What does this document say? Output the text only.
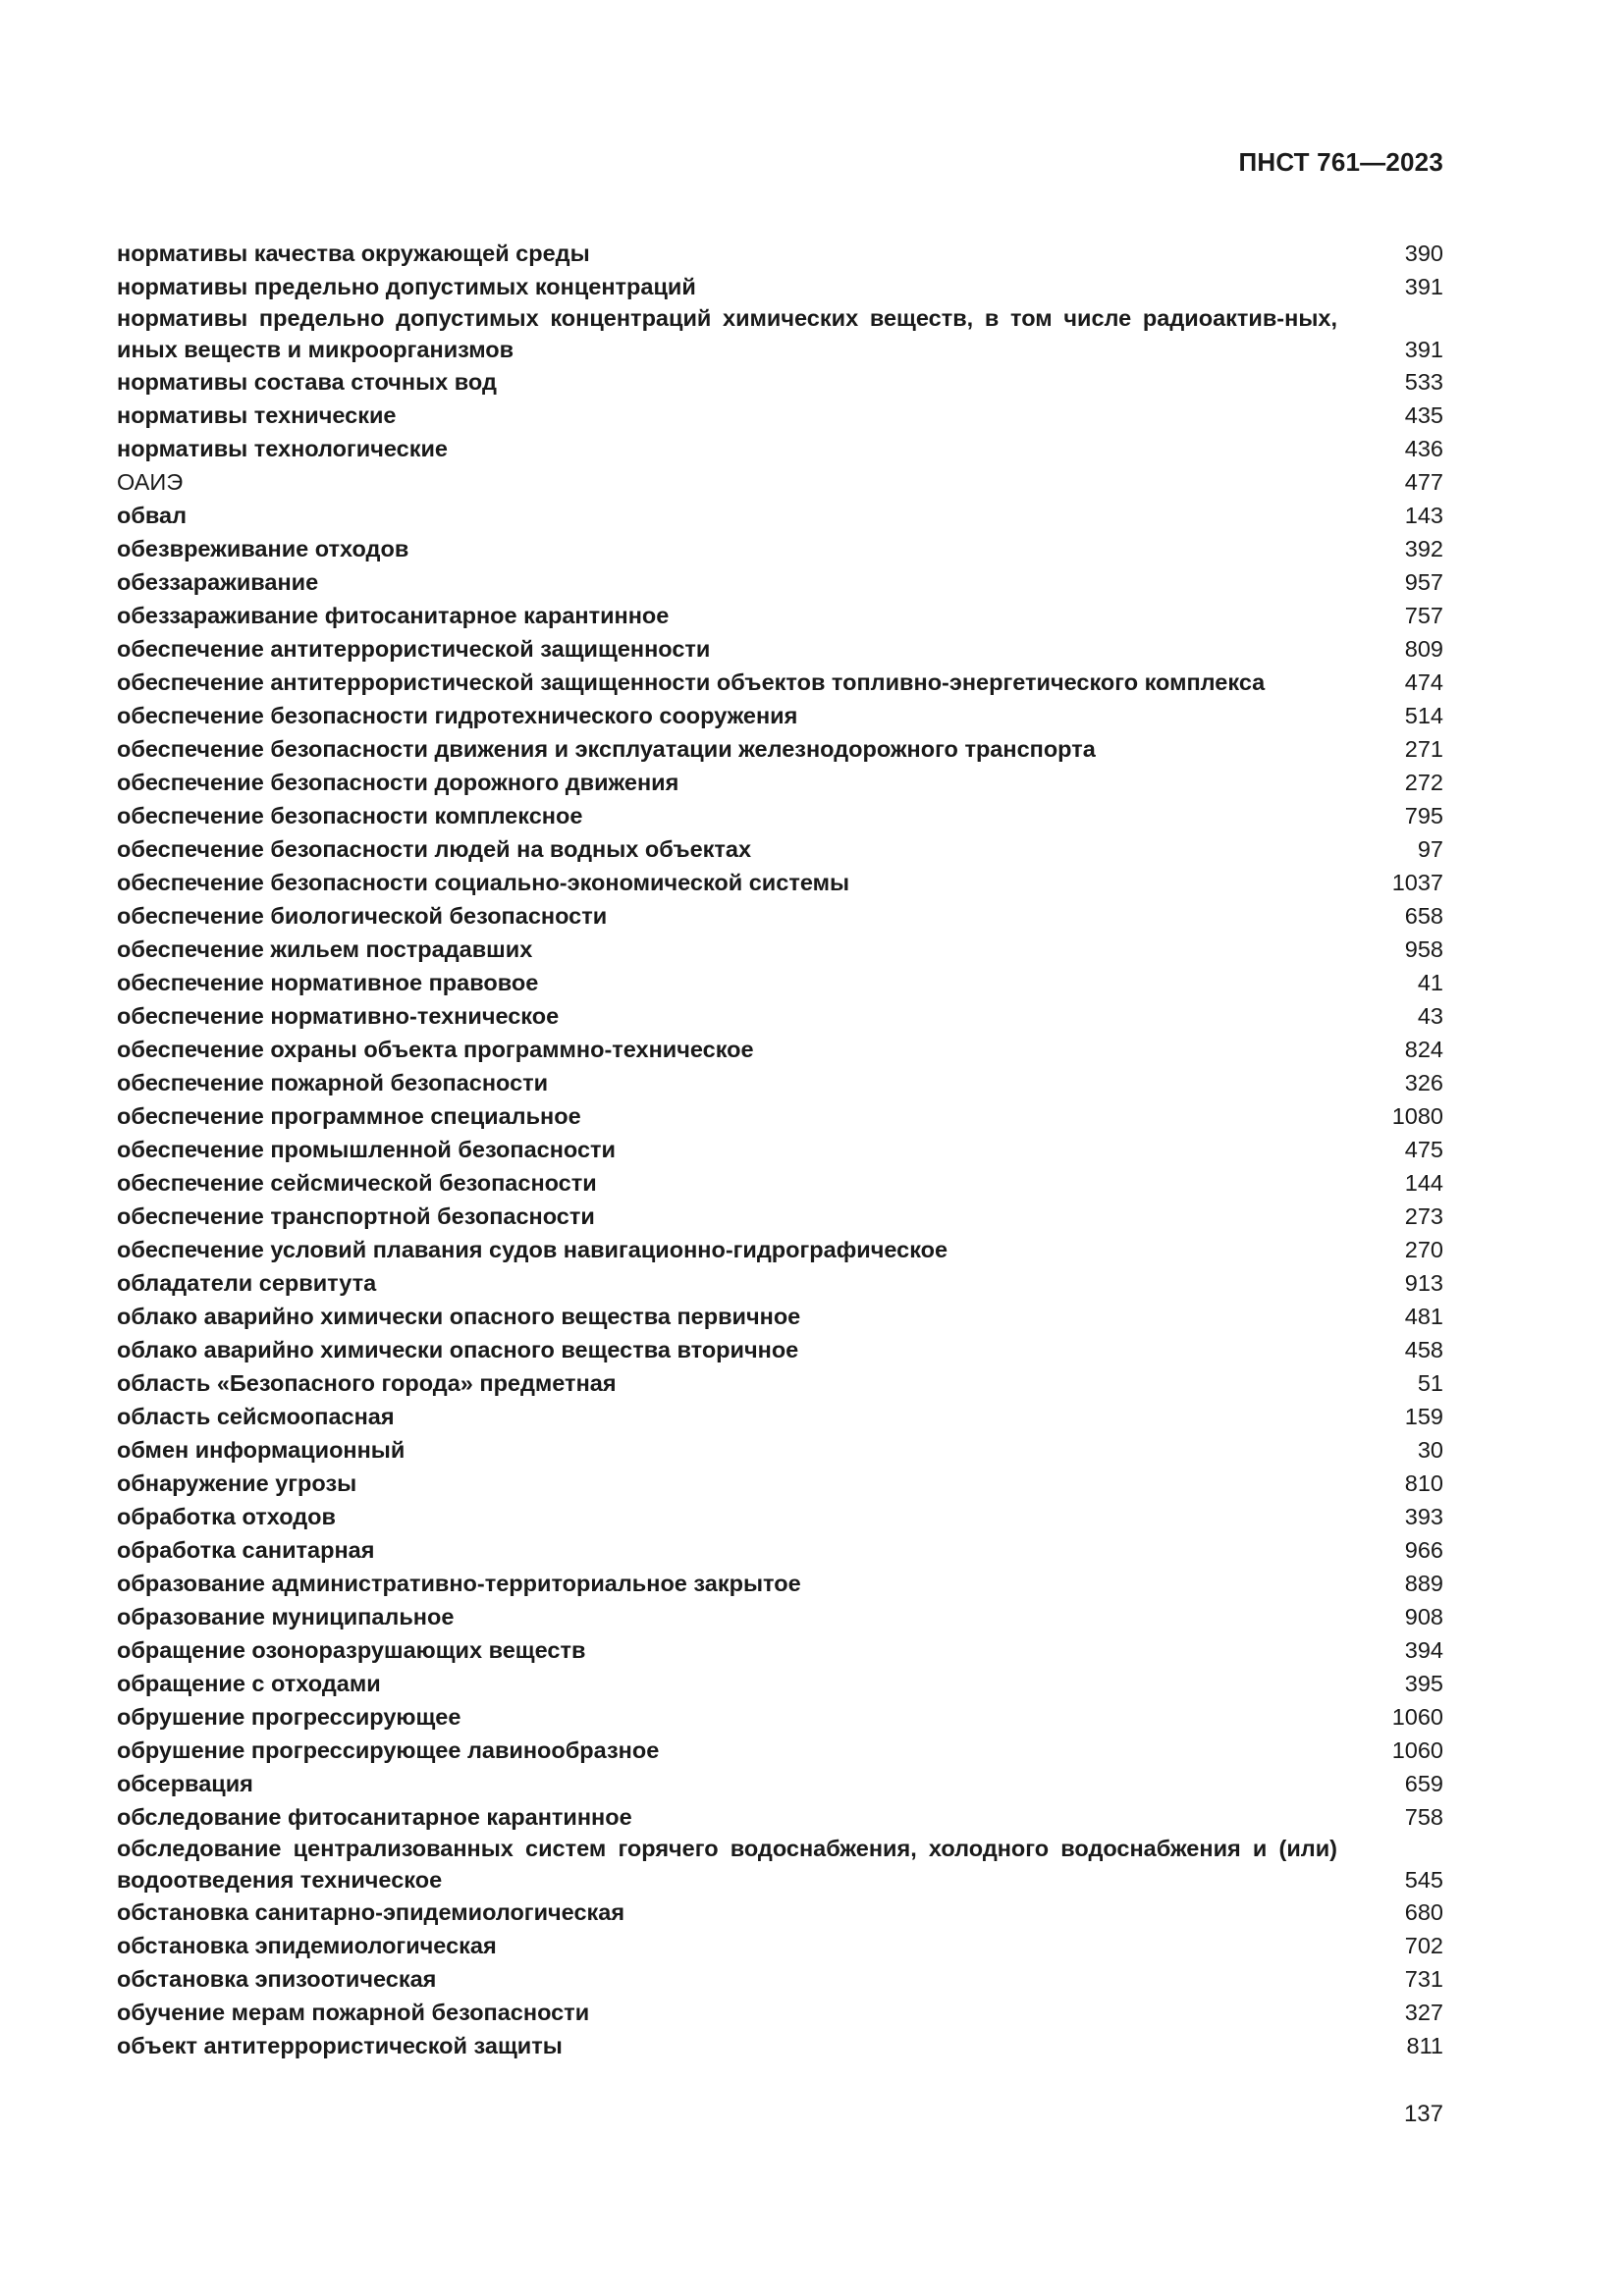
ПНСТ 761—2023
нормативы качества окружающей среды	390
нормативы предельно допустимых концентраций	391
нормативы предельно допустимых концентраций химических веществ, в том числе радиоактив-ных, иных веществ и микроорганизмов	391
нормативы состава сточных вод	533
нормативы технические	435
нормативы технологические	436
ОАИЭ	477
обвал	143
обезвреживание отходов	392
обеззараживание	957
обеззараживание фитосанитарное карантинное	757
обеспечение антитеррористической защищенности	809
обеспечение антитеррористической защищенности объектов топливно-энергетического комплекса	474
обеспечение безопасности гидротехнического сооружения	514
обеспечение безопасности движения и эксплуатации железнодорожного транспорта	271
обеспечение безопасности дорожного движения	272
обеспечение безопасности комплексное	795
обеспечение безопасности людей на водных объектах	97
обеспечение безопасности социально-экономической системы	1037
обеспечение биологической безопасности	658
обеспечение жильем пострадавших	958
обеспечение нормативное правовое	41
обеспечение нормативно-техническое	43
обеспечение охраны объекта программно-техническое	824
обеспечение пожарной безопасности	326
обеспечение программное специальное	1080
обеспечение промышленной безопасности	475
обеспечение сейсмической безопасности	144
обеспечение транспортной безопасности	273
обеспечение условий плавания судов навигационно-гидрографическое	270
обладатели сервитута	913
облако аварийно химически опасного вещества первичное	481
облако аварийно химически опасного вещества вторичное	458
область «Безопасного города» предметная	51
область сейсмоопасная	159
обмен информационный	30
обнаружение угрозы	810
обработка отходов	393
обработка санитарная	966
образование административно-территориальное закрытое	889
образование муниципальное	908
обращение озоноразрушающих веществ	394
обращение с отходами	395
обрушение прогрессирующее	1060
обрушение прогрессирующее лавинообразное	1060
обсервация	659
обследование фитосанитарное карантинное	758
обследование централизованных систем горячего водоснабжения, холодного водоснабжения и (или) водоотведения техническое	545
обстановка санитарно-эпидемиологическая	680
обстановка эпидемиологическая	702
обстановка эпизоотическая	731
обучение мерам пожарной безопасности	327
объект антитеррористической защиты	811
137
